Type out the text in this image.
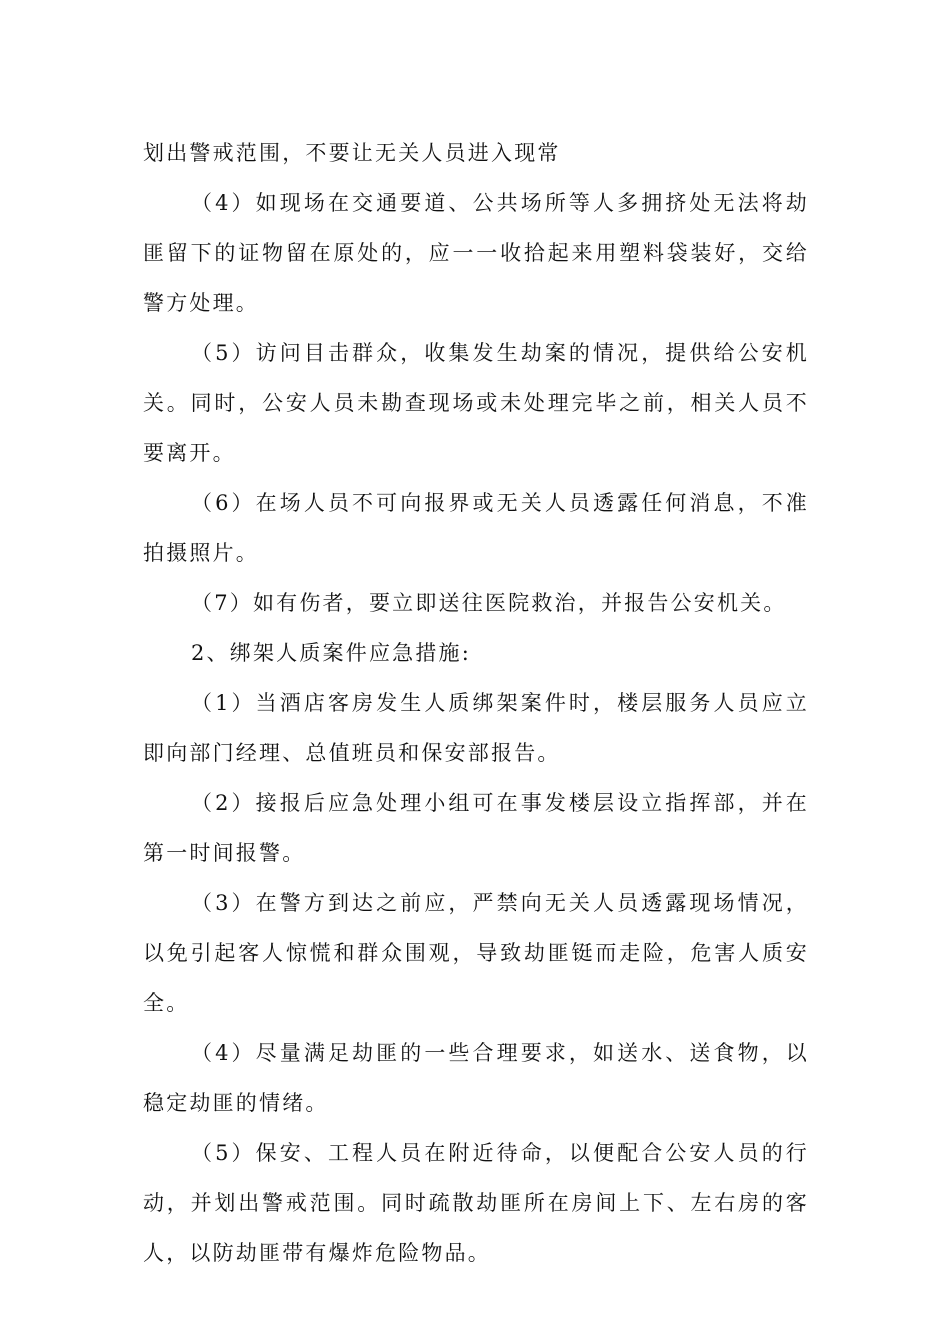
划出警戒范围，不要让无关人员进入现常

（4）如现场在交通要道、公共场所等人多拥挤处无法将劫匪留下的证物留在原处的，应一一收拾起来用塑料袋装好，交给警方处理。

（5）访问目击群众，收集发生劫案的情况，提供给公安机关。同时，公安人员未勘查现场或未处理完毕之前，相关人员不要离开。

（6）在场人员不可向报界或无关人员透露任何消息，不准拍摄照片。

（7）如有伤者，要立即送往医院救治，并报告公安机关。

2、绑架人质案件应急措施:

（1）当酒店客房发生人质绑架案件时，楼层服务人员应立即向部门经理、总值班员和保安部报告。

（2）接报后应急处理小组可在事发楼层设立指挥部，并在第一时间报警。

（3）在警方到达之前应，严禁向无关人员透露现场情况，以免引起客人惊慌和群众围观，导致劫匪铤而走险，危害人质安全。

（4）尽量满足劫匪的一些合理要求，如送水、送食物，以稳定劫匪的情绪。

（5）保安、工程人员在附近待命，以便配合公安人员的行动，并划出警戒范围。同时疏散劫匪所在房间上下、左右房的客人，以防劫匪带有爆炸危险物品。
